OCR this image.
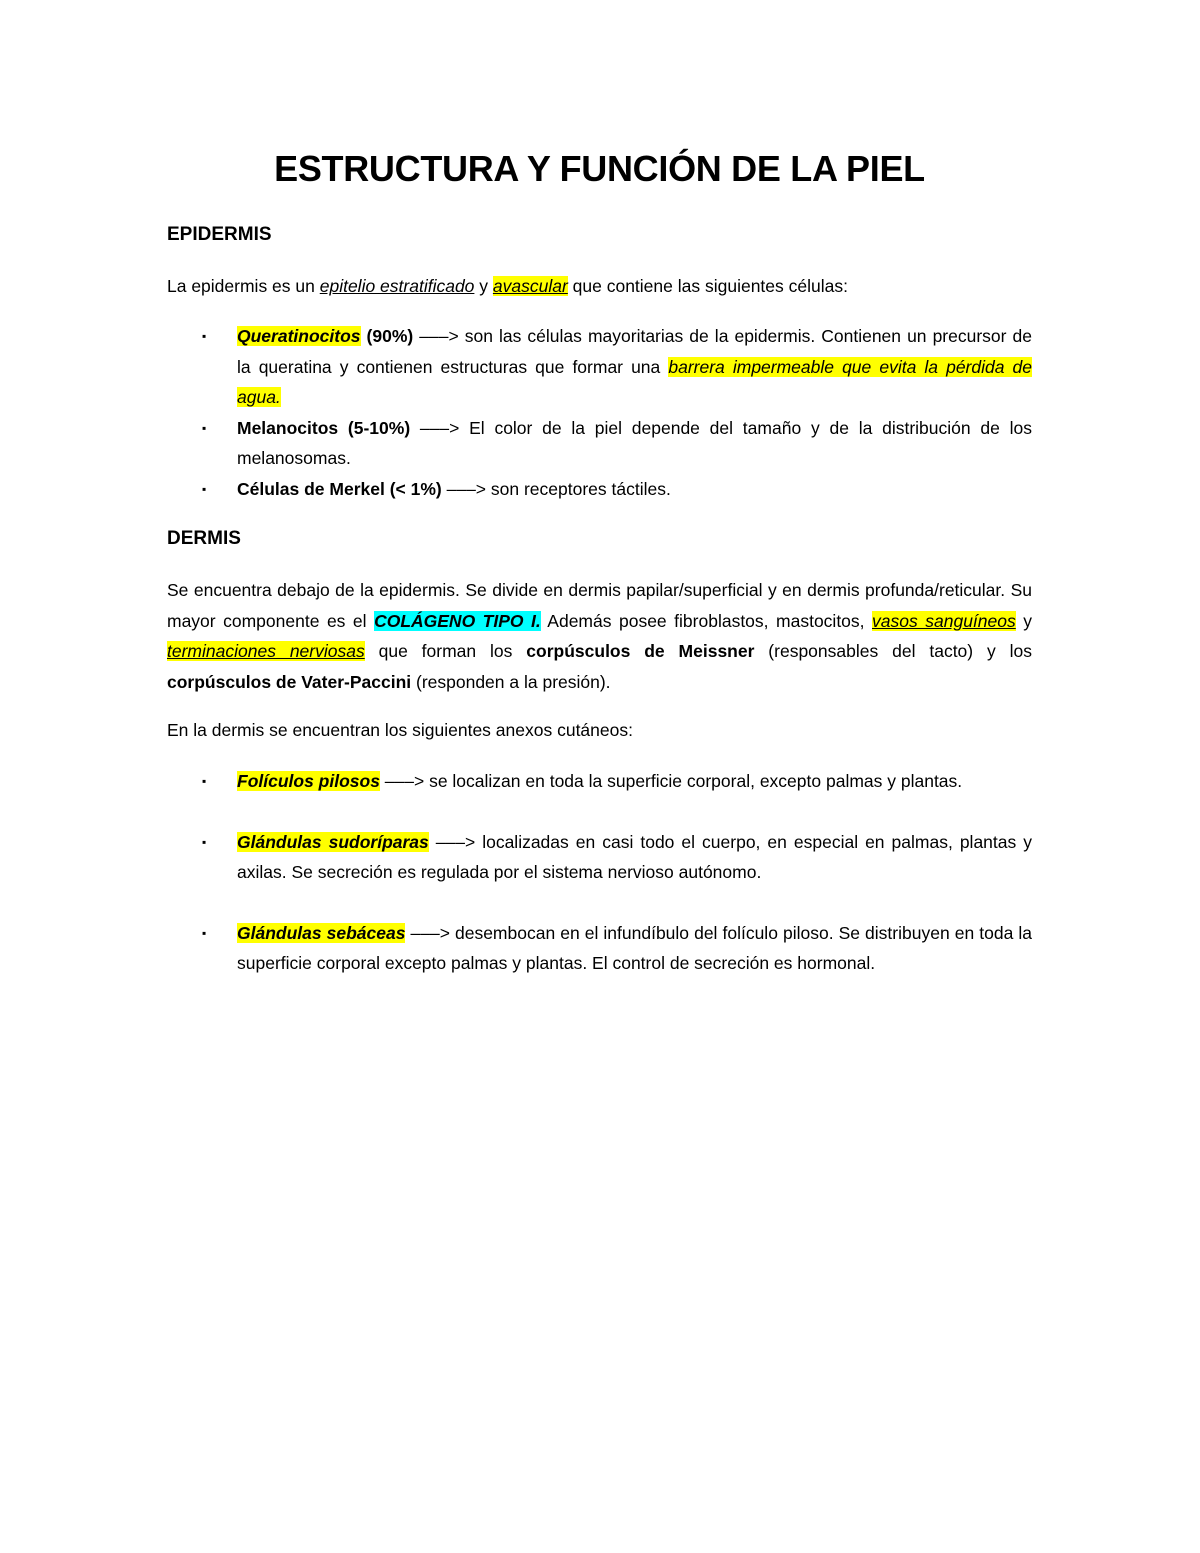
ESTRUCTURA Y FUNCIÓN DE LA PIEL
EPIDERMIS

La epidermis es un epitelio estratificado y avascular que contiene las siguientes células:

▪ Queratinocitos (90%) –––> son las células mayoritarias de la epidermis. Contienen un precursor de la queratina y contienen estructuras que formar una barrera impermeable que evita la pérdida de agua.
▪ Melanocitos (5-10%) –––> El color de la piel depende del tamaño y de la distribución de los melanosomas.
▪ Células de Merkel (< 1%) –––> son receptores táctiles.
DERMIS

Se encuentra debajo de la epidermis. Se divide en dermis papilar/superficial y en dermis profunda/reticular. Su mayor componente es el COLÁGENO TIPO I. Además posee fibroblastos, mastocitos, vasos sanguíneos y terminaciones nerviosas que forman los corpúsculos de Meissner (responsables del tacto) y los corpúsculos de Vater-Paccini (responden a la presión).

En la dermis se encuentran los siguientes anexos cutáneos:

▪ Folículos pilosos –––> se localizan en toda la superficie corporal, excepto palmas y plantas.
▪ Glándulas sudoríparas –––> localizadas en casi todo el cuerpo, en especial en palmas, plantas y axilas. Se secreción es regulada por el sistema nervioso autónomo.
▪ Glándulas sebáceas –––> desembocan en el infundíbulo del folículo piloso. Se distribuyen en toda la superficie corporal excepto palmas y plantas. El control de secreción es hormonal.
